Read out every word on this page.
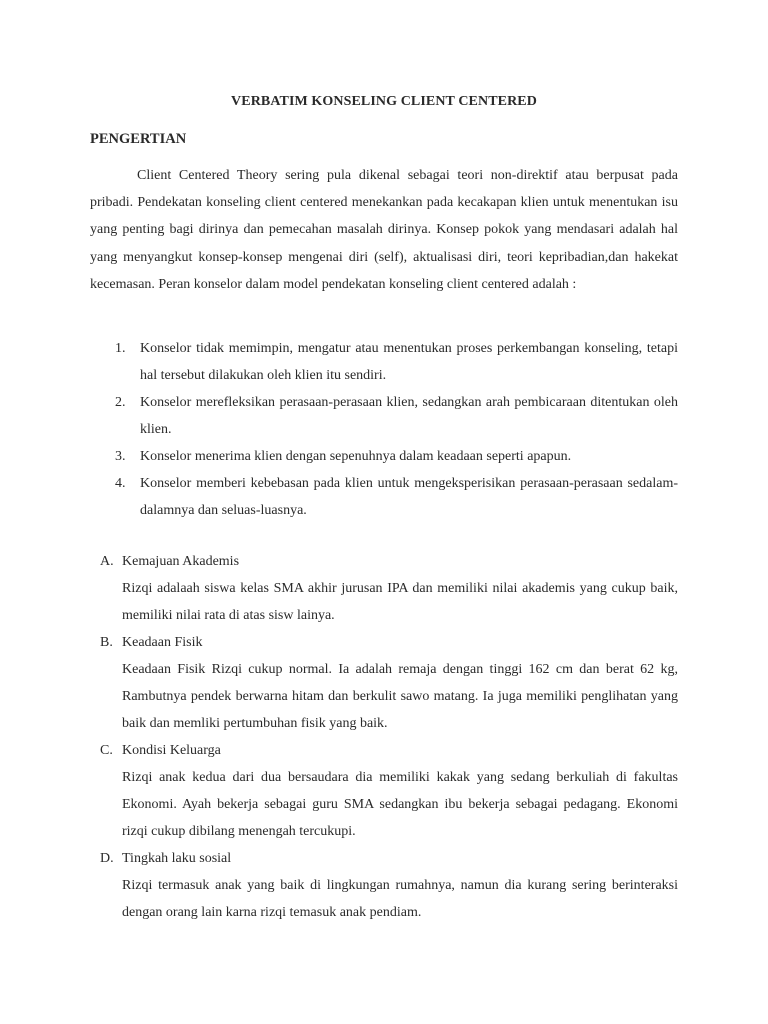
VERBATIM KONSELING CLIENT CENTERED
PENGERTIAN

Client Centered Theory sering pula dikenal sebagai teori non-direktif atau berpusat pada pribadi. Pendekatan konseling client centered menekankan pada kecakapan klien untuk menentukan isu yang penting bagi dirinya dan pemecahan masalah dirinya. Konsep pokok yang mendasari adalah hal yang menyangkut konsep-konsep mengenai diri (self), aktualisasi diri, teori kepribadian,dan hakekat kecemasan. Peran konselor dalam model pendekatan konseling client centered adalah :

1. Konselor tidak memimpin, mengatur atau menentukan proses perkembangan konseling, tetapi hal tersebut dilakukan oleh klien itu sendiri.
2. Konselor merefleksikan perasaan-perasaan klien, sedangkan arah pembicaraan ditentukan oleh klien.
3. Konselor menerima klien dengan sepenuhnya dalam keadaan seperti apapun.
4. Konselor memberi kebebasan pada klien untuk mengeksperisikan perasaan-perasaan sedalam-dalamnya dan seluas-luasnya.
A. Kemajuan Akademis
Rizqi adalaah siswa kelas SMA akhir jurusan IPA dan memiliki nilai akademis yang cukup baik, memiliki nilai rata di atas sisw lainya.
B. Keadaan Fisik
Keadaan Fisik Rizqi cukup normal. Ia adalah remaja dengan tinggi 162 cm dan berat 62 kg, Rambutnya pendek berwarna hitam dan berkulit sawo matang. Ia juga memiliki penglihatan yang baik dan memliki pertumbuhan fisik yang baik.
C. Kondisi Keluarga
Rizqi anak kedua dari dua bersaudara dia memiliki kakak yang sedang berkuliah di fakultas Ekonomi. Ayah bekerja sebagai guru SMA sedangkan ibu bekerja sebagai pedagang. Ekonomi rizqi cukup dibilang menengah tercukupi.
D. Tingkah laku sosial
Rizqi termasuk anak yang baik di lingkungan rumahnya, namun dia kurang sering berinteraksi dengan orang lain karna rizqi temasuk anak pendiam.
